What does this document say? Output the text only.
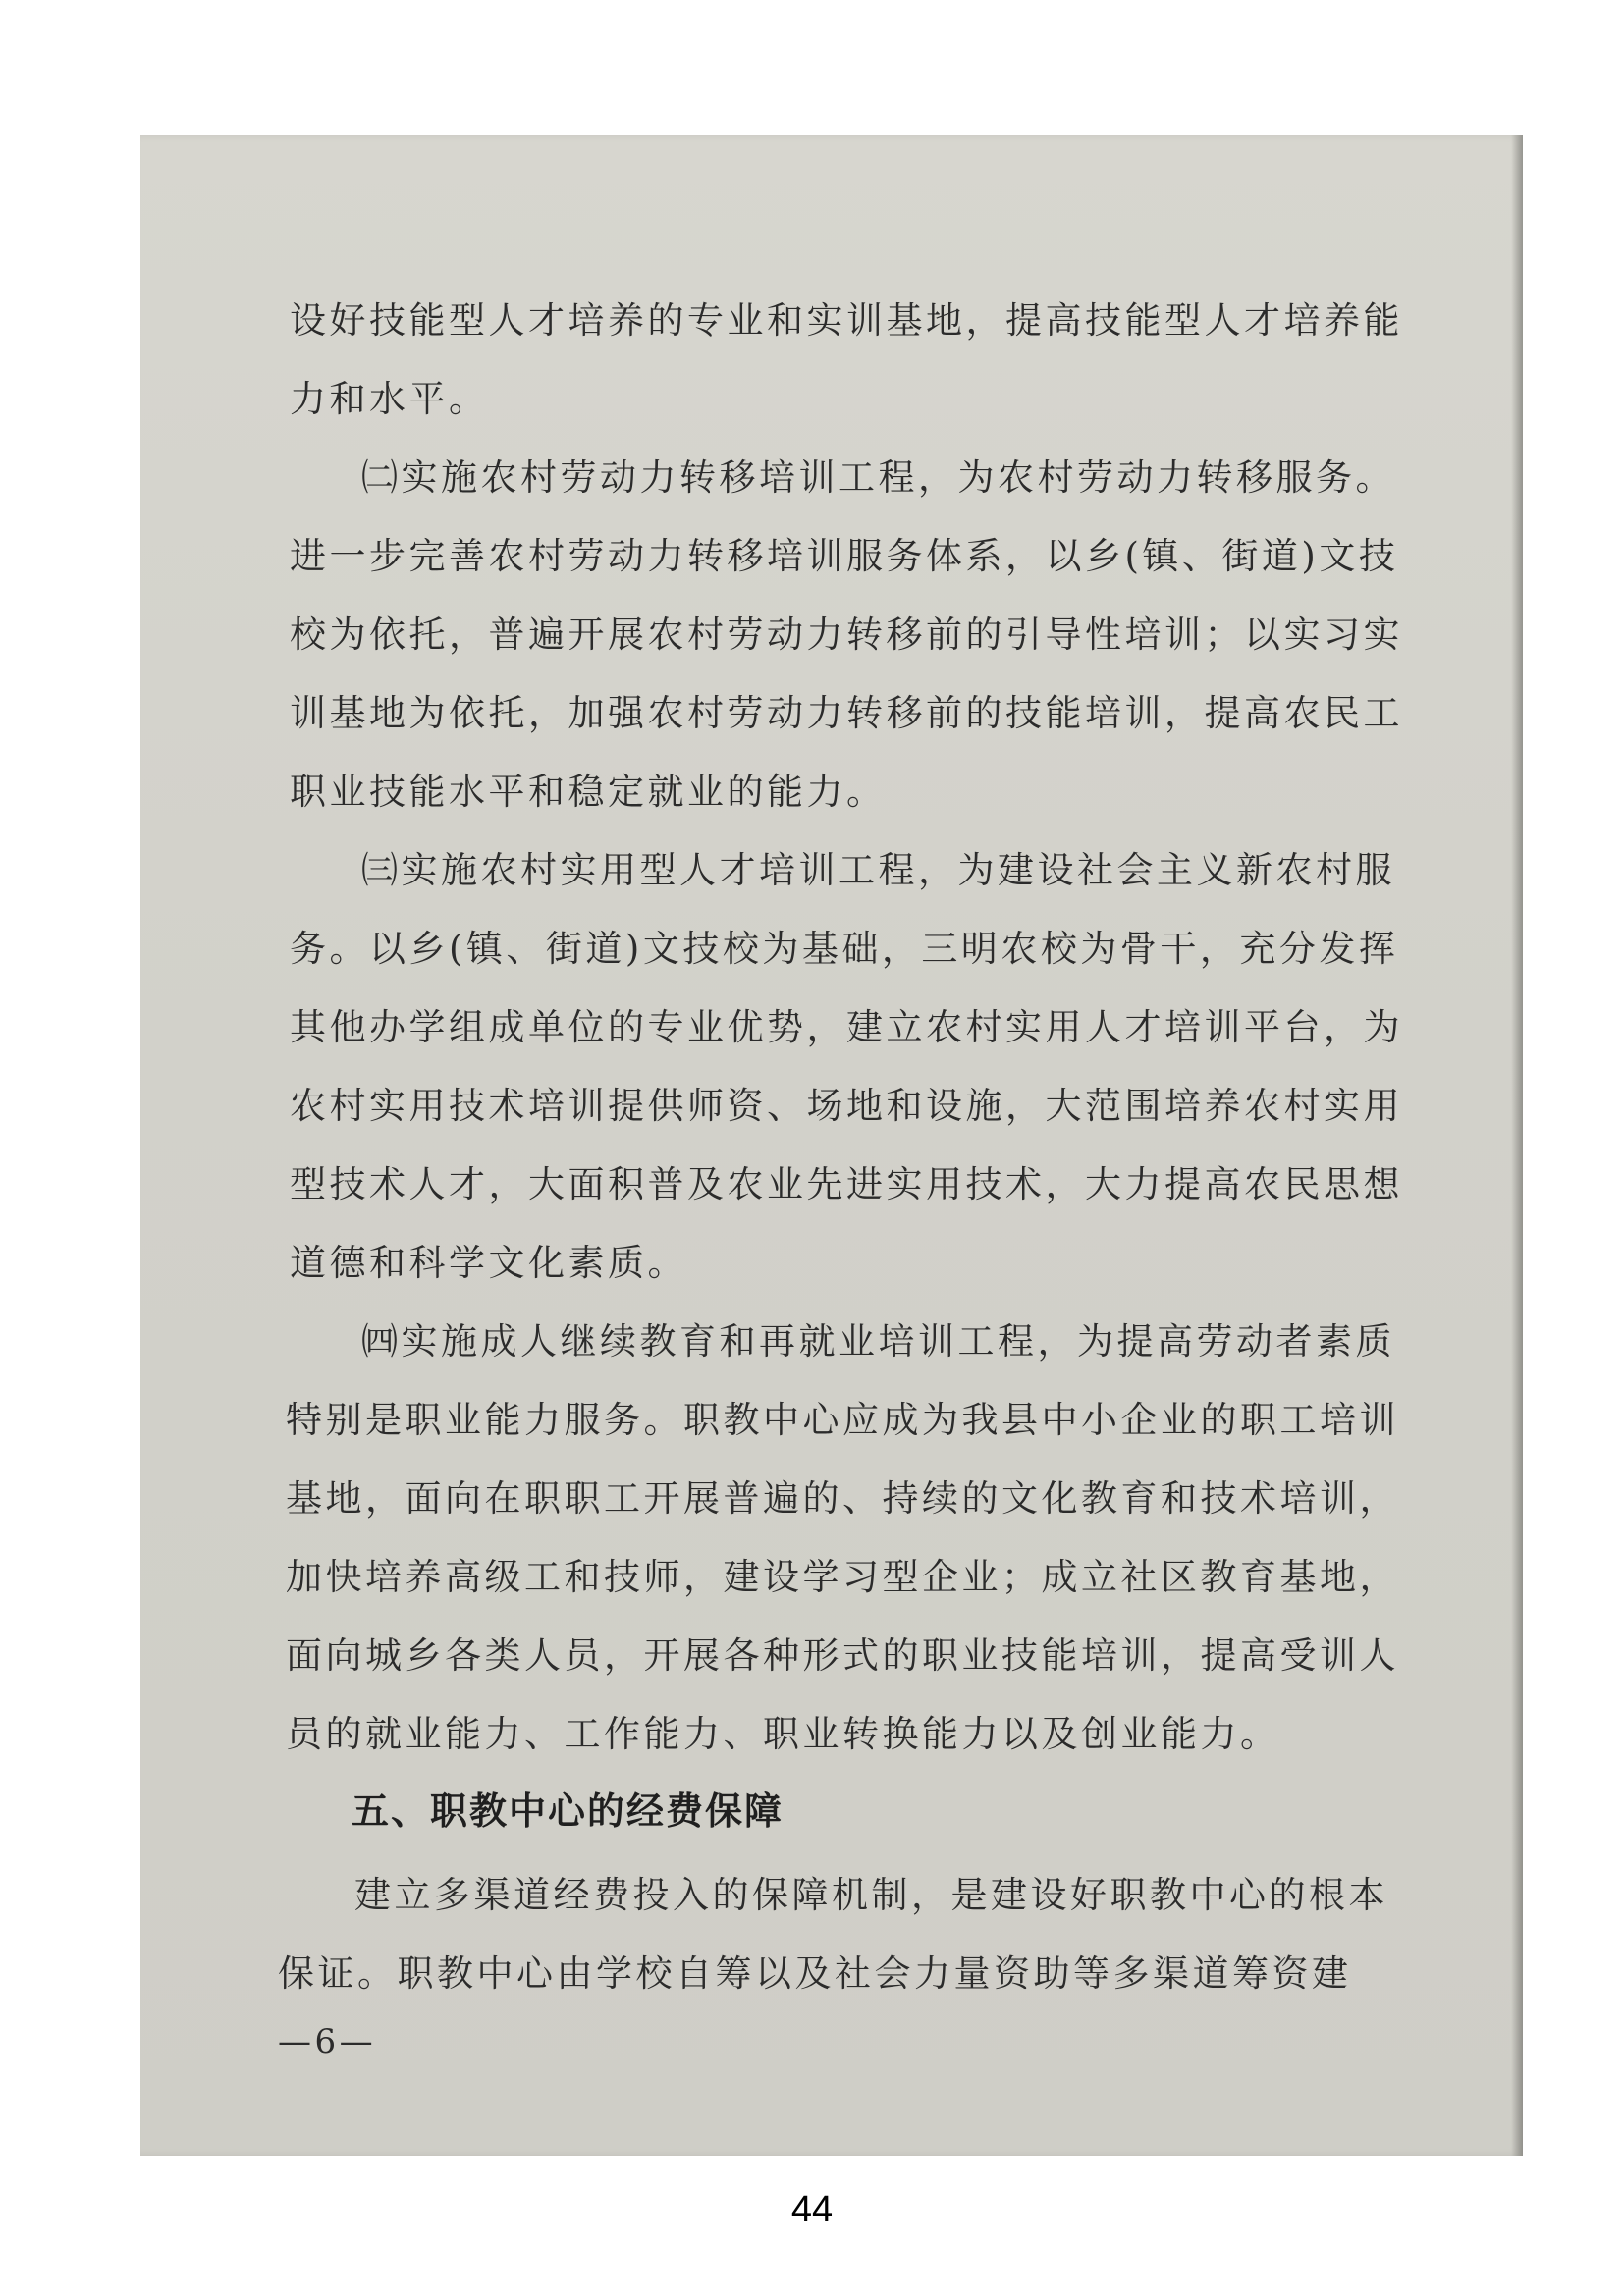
设好技能型人才培养的专业和实训基地，提高技能型人才培养能
力和水平。
㈡实施农村劳动力转移培训工程，为农村劳动力转移服务。
进一步完善农村劳动力转移培训服务体系，以乡(镇、街道)文技
校为依托，普遍开展农村劳动力转移前的引导性培训；以实习实
训基地为依托，加强农村劳动力转移前的技能培训，提高农民工
职业技能水平和稳定就业的能力。
㈢实施农村实用型人才培训工程，为建设社会主义新农村服
务。以乡(镇、街道)文技校为基础，三明农校为骨干，充分发挥
其他办学组成单位的专业优势，建立农村实用人才培训平台，为
农村实用技术培训提供师资、场地和设施，大范围培养农村实用
型技术人才，大面积普及农业先进实用技术，大力提高农民思想
道德和科学文化素质。
㈣实施成人继续教育和再就业培训工程，为提高劳动者素质
特别是职业能力服务。职教中心应成为我县中小企业的职工培训
基地，面向在职职工开展普遍的、持续的文化教育和技术培训，
加快培养高级工和技师，建设学习型企业；成立社区教育基地，
面向城乡各类人员，开展各种形式的职业技能培训，提高受训人
员的就业能力、工作能力、职业转换能力以及创业能力。
五、职教中心的经费保障
建立多渠道经费投入的保障机制，是建设好职教中心的根本
保证。职教中心由学校自筹以及社会力量资助等多渠道筹资建
—6—
44
